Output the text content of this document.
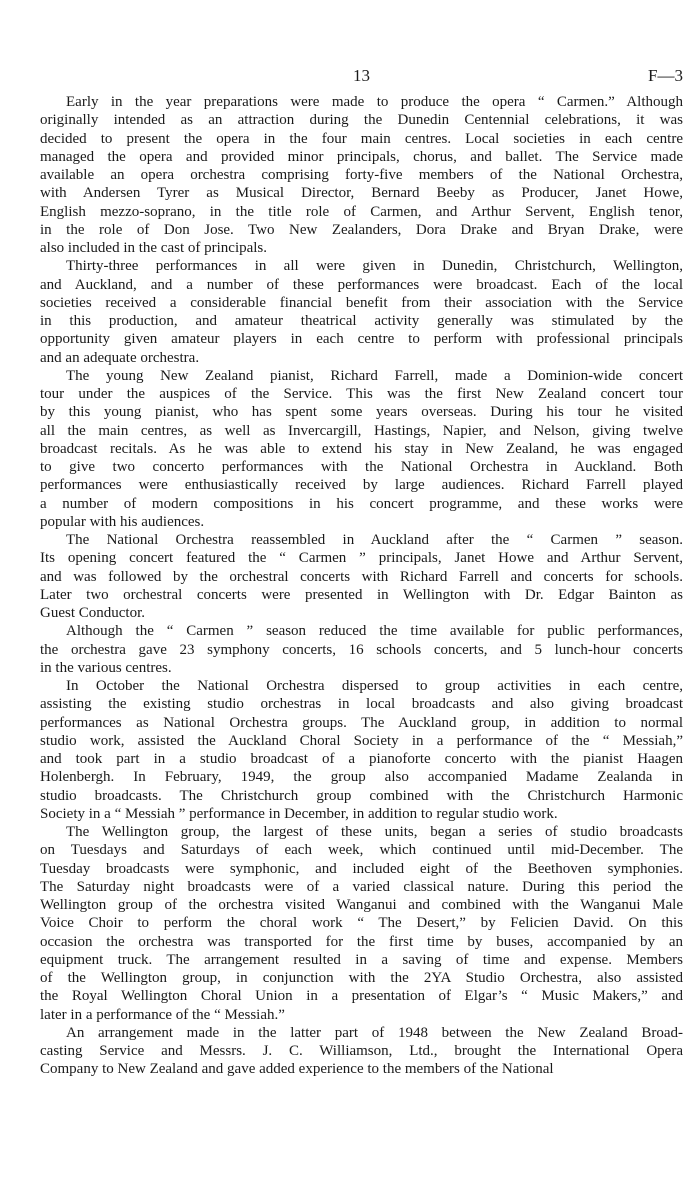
13	F—3
Early in the year preparations were made to produce the opera “ Carmen.” Although
originally intended as an attraction during the Dunedin Centennial celebrations, it was
decided to present the opera in the four main centres. Local societies in each centre
managed the opera and provided minor principals, chorus, and ballet. The Service made
available an opera orchestra comprising forty-five members of the National Orchestra,
with Andersen Tyrer as Musical Director, Bernard Beeby as Producer, Janet Howe,
English mezzo-soprano, in the title role of Carmen, and Arthur Servent, English tenor,
in the role of Don Jose. Two New Zealanders, Dora Drake and Bryan Drake, were
also included in the cast of principals.
Thirty-three performances in all were given in Dunedin, Christchurch, Wellington,
and Auckland, and a number of these performances were broadcast. Each of the local
societies received a considerable financial benefit from their association with the Service
in this production, and amateur theatrical activity generally was stimulated by the
opportunity given amateur players in each centre to perform with professional principals
and an adequate orchestra.
The young New Zealand pianist, Richard Farrell, made a Dominion-wide concert
tour under the auspices of the Service. This was the first New Zealand concert tour
by this young pianist, who has spent some years overseas. During his tour he visited
all the main centres, as well as Invercargill, Hastings, Napier, and Nelson, giving twelve
broadcast recitals. As he was able to extend his stay in New Zealand, he was engaged
to give two concerto performances with the National Orchestra in Auckland. Both
performances were enthusiastically received by large audiences. Richard Farrell played
a number of modern compositions in his concert programme, and these works were
popular with his audiences.
The National Orchestra reassembled in Auckland after the “ Carmen ” season.
Its opening concert featured the “ Carmen ” principals, Janet Howe and Arthur Servent,
and was followed by the orchestral concerts with Richard Farrell and concerts for schools.
Later two orchestral concerts were presented in Wellington with Dr. Edgar Bainton as
Guest Conductor.
Although the “ Carmen ” season reduced the time available for public performances,
the orchestra gave 23 symphony concerts, 16 schools concerts, and 5 lunch-hour concerts
in the various centres.
In October the National Orchestra dispersed to group activities in each centre,
assisting the existing studio orchestras in local broadcasts and also giving broadcast
performances as National Orchestra groups. The Auckland group, in addition to normal
studio work, assisted the Auckland Choral Society in a performance of the “ Messiah,”
and took part in a studio broadcast of a pianoforte concerto with the pianist Haagen
Holenbergh. In February, 1949, the group also accompanied Madame Zealanda in
studio broadcasts. The Christchurch group combined with the Christchurch Harmonic
Society in a “ Messiah ” performance in December, in addition to regular studio work.
The Wellington group, the largest of these units, began a series of studio broadcasts
on Tuesdays and Saturdays of each week, which continued until mid-December. The
Tuesday broadcasts were symphonic, and included eight of the Beethoven symphonies.
The Saturday night broadcasts were of a varied classical nature. During this period the
Wellington group of the orchestra visited Wanganui and combined with the Wanganui Male
Voice Choir to perform the choral work “ The Desert,” by Felicien David. On this
occasion the orchestra was transported for the first time by buses, accompanied by an
equipment truck. The arrangement resulted in a saving of time and expense. Members
of the Wellington group, in conjunction with the 2YA Studio Orchestra, also assisted
the Royal Wellington Choral Union in a presentation of Elgar’s “ Music Makers,” and
later in a performance of the “ Messiah.”
An arrangement made in the latter part of 1948 between the New Zealand Broad-
casting Service and Messrs. J. C. Williamson, Ltd., brought the International Opera
Company to New Zealand and gave added experience to the members of the National
